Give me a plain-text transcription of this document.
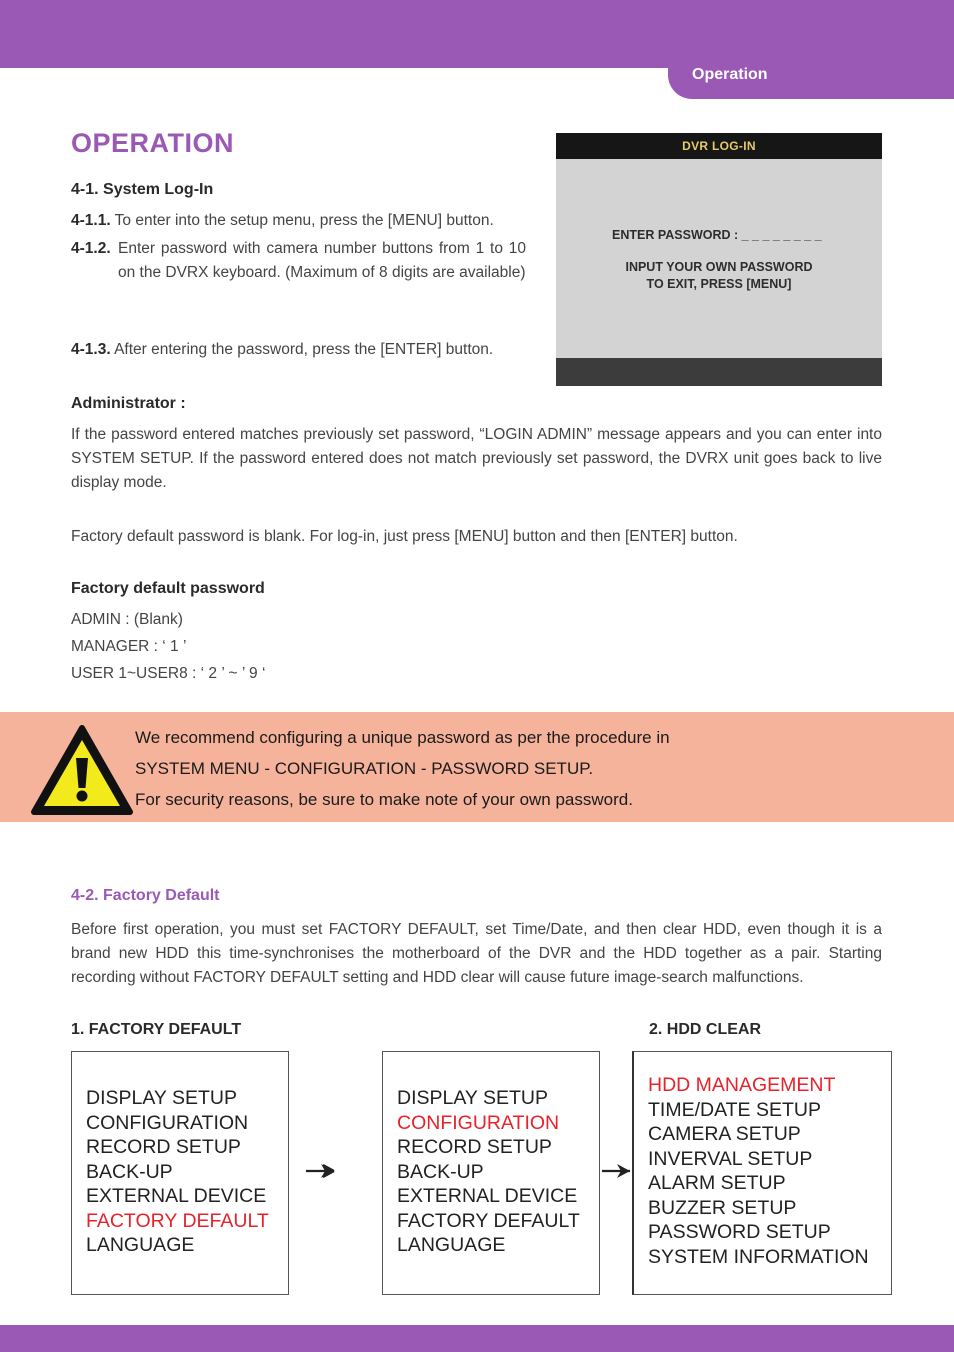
Operation
OPERATION
4-1. System Log-In
4-1.1. To enter into the setup menu, press the [MENU] button.
4-1.2. Enter password with camera number buttons from 1 to 10 on the DVRX keyboard. (Maximum of 8 digits are available)
4-1.3. After entering the password, press the [ENTER] button.
DVR LOG-IN
ENTER PASSWORD : _ _ _ _ _ _ _ _
INPUT YOUR OWN PASSWORD
TO EXIT, PRESS [MENU]
Administrator :
If the password entered matches previously set password, “LOGIN ADMIN” message appears and you can enter into SYSTEM SETUP. If the password entered does not match previously set password, the DVRX unit goes back to live display mode.
Factory default password is blank. For log-in, just press [MENU] button and then [ENTER] button.
Factory default password
ADMIN : (Blank)
MANAGER : ‘ 1 ’
USER 1~USER8 : ‘ 2 ’ ~ ’ 9 ‘
We recommend configuring a unique password as per the procedure in
SYSTEM MENU - CONFIGURATION - PASSWORD SETUP.
For security reasons, be sure to make note of your own password.
4-2. Factory Default
Before first operation, you must set FACTORY DEFAULT, set Time/Date, and then clear HDD, even though it is a brand new HDD this time-synchronises the motherboard of the DVR and the HDD together as a pair. Starting recording without FACTORY DEFAULT setting and HDD clear will cause future image-search malfunctions.
1. FACTORY DEFAULT	2. HDD CLEAR
DISPLAY SETUP
CONFIGURATION
RECORD SETUP
BACK-UP
EXTERNAL DEVICE
FACTORY DEFAULT
LANGUAGE
DISPLAY SETUP
CONFIGURATION
RECORD SETUP
BACK-UP
EXTERNAL DEVICE
FACTORY DEFAULT
LANGUAGE
HDD MANAGEMENT
TIME/DATE SETUP
CAMERA SETUP
INVERVAL SETUP
ALARM SETUP
BUZZER SETUP
PASSWORD SETUP
SYSTEM INFORMATION
